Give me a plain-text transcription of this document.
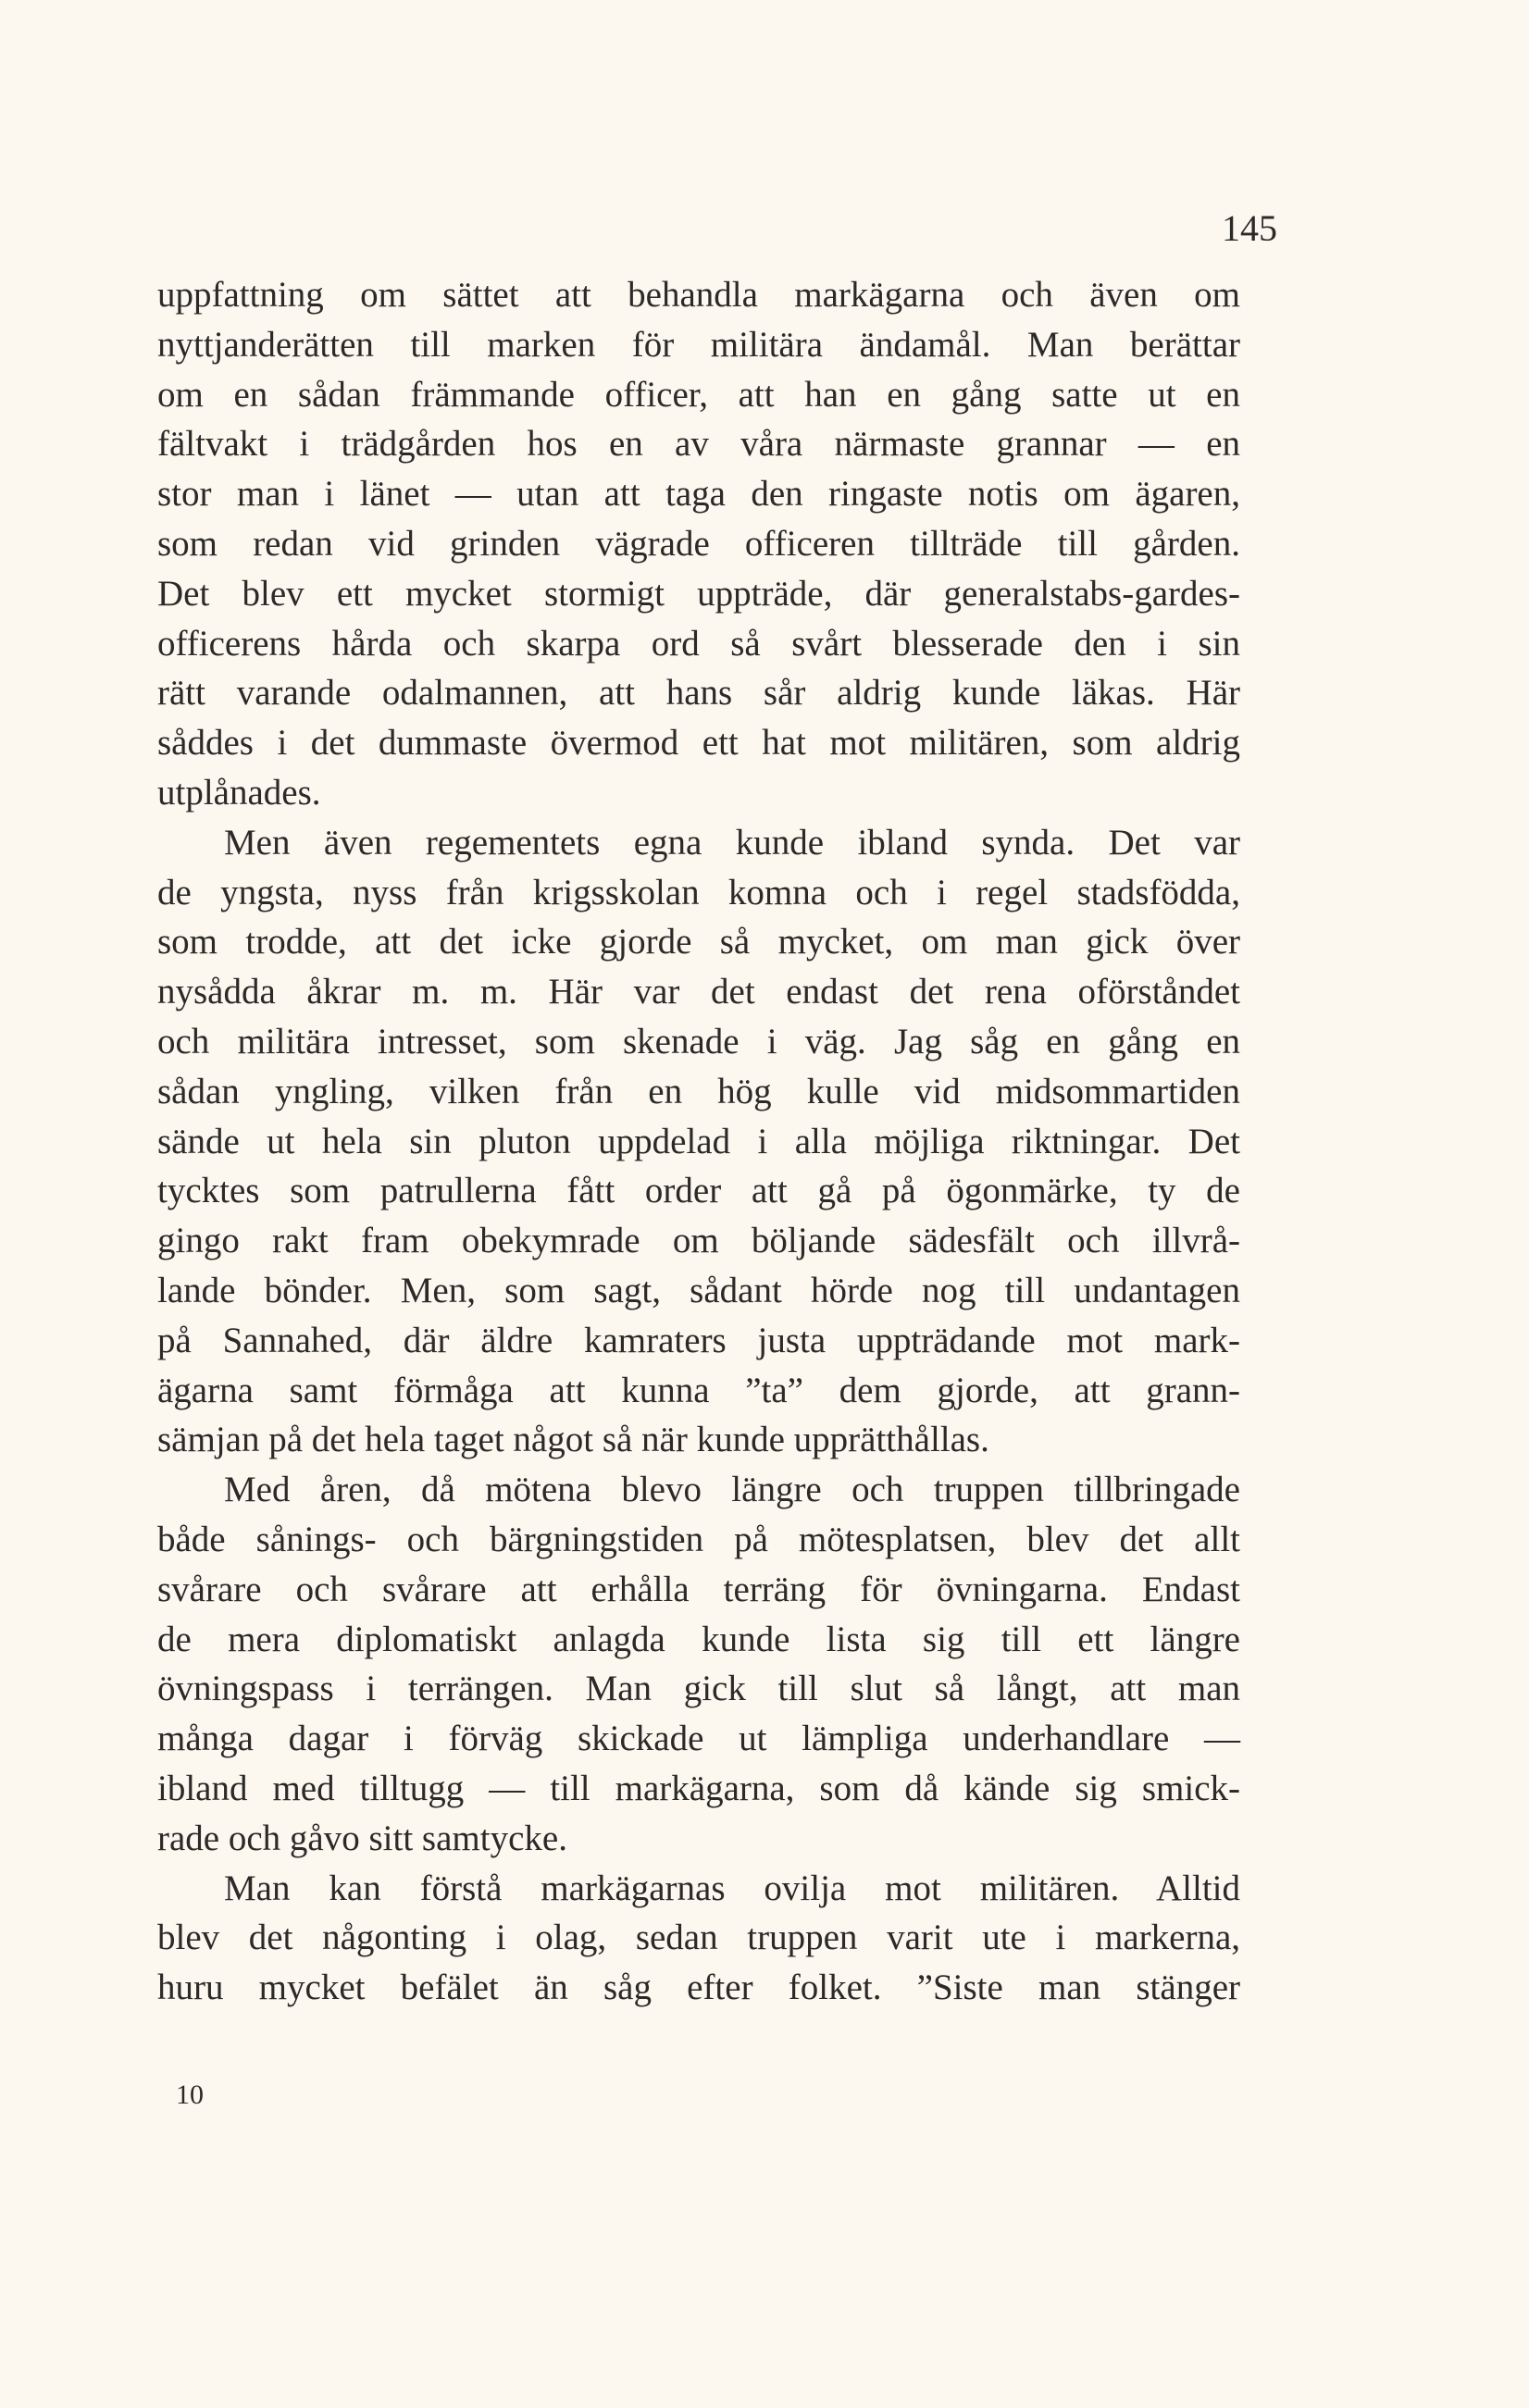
145
uppfattning om sättet att behandla markägarna och även om
nyttjanderätten till marken för militära ändamål. Man berättar
om en sådan främmande officer, att han en gång satte ut en
fältvakt i trädgården hos en av våra närmaste grannar — en
stor man i länet — utan att taga den ringaste notis om ägaren,
som redan vid grinden vägrade officeren tillträde till gården.
Det blev ett mycket stormigt uppträde, där generalstabs-gardes-
officerens hårda och skarpa ord så svårt blesserade den i sin
rätt varande odalmannen, att hans sår aldrig kunde läkas. Här
såddes i det dummaste övermod ett hat mot militären, som aldrig
utplånades.
Men även regementets egna kunde ibland synda. Det var
de yngsta, nyss från krigsskolan komna och i regel stadsfödda,
som trodde, att det icke gjorde så mycket, om man gick över
nysådda åkrar m. m. Här var det endast det rena oförståndet
och militära intresset, som skenade i väg. Jag såg en gång en
sådan yngling, vilken från en hög kulle vid midsommartiden
sände ut hela sin pluton uppdelad i alla möjliga riktningar. Det
tycktes som patrullerna fått order att gå på ögonmärke, ty de
gingo rakt fram obekymrade om böljande sädesfält och illvrå-
lande bönder. Men, som sagt, sådant hörde nog till undantagen
på Sannahed, där äldre kamraters justa uppträdande mot mark-
ägarna samt förmåga att kunna ”ta” dem gjorde, att grann-
sämjan på det hela taget något så när kunde upprätthållas.
Med åren, då mötena blevo längre och truppen tillbringade
både sånings- och bärgningstiden på mötesplatsen, blev det allt
svårare och svårare att erhålla terräng för övningarna. Endast
de mera diplomatiskt anlagda kunde lista sig till ett längre
övningspass i terrängen. Man gick till slut så långt, att man
många dagar i förväg skickade ut lämpliga underhandlare —
ibland med tilltugg — till markägarna, som då kände sig smick-
rade och gåvo sitt samtycke.
Man kan förstå markägarnas ovilja mot militären. Alltid
blev det någonting i olag, sedan truppen varit ute i markerna,
huru mycket befälet än såg efter folket. ”Siste man stänger
10
